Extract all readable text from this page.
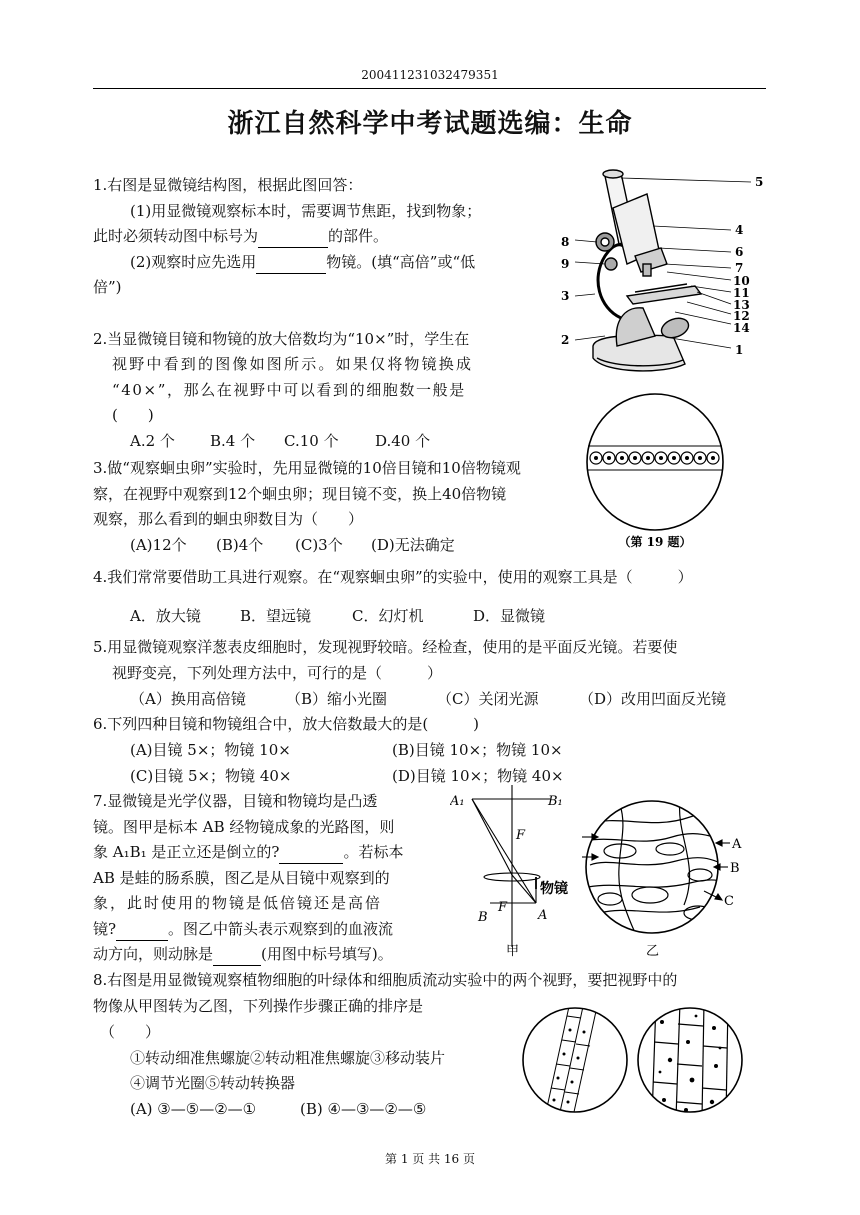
200411231032479351
浙江自然科学中考试题选编：生命
1.右图是显微镜结构图，根据此图回答：
(1)用显微镜观察标本时，需要调节焦距，找到物象；
此时必须转动图中标号为	的部件。
(2)观察时应先选用	物镜。(填“高倍”或“低
倍”)
2.当显微镜目镜和物镜的放大倍数均为“10×”时，学生在
视野中看到的图像如图所示。如果仅将物镜换成
“40×”，那么在视野中可以看到的细胞数一般是
(　　)
A.2 个 B.4 个 C.10 个 D.40 个
3.做“观察蛔虫卵”实验时，先用显微镜的10倍目镜和10倍物镜观
察，在视野中观察到12个蛔虫卵；现目镜不变，换上40倍物镜
观察，那么看到的蛔虫卵数目为（　　）
(A)12个 (B)4个 (C)3个 (D)无法确定
4.我们常常要借助工具进行观察。在“观察蛔虫卵”的实验中，使用的观察工具是（　　　）
A．放大镜	B．望远镜	C．幻灯机	D．显微镜
5.用显微镜观察洋葱表皮细胞时，发现视野较暗。经检查，使用的是平面反光镜。若要使
视野变亮，下列处理方法中，可行的是（　　　）
（A）换用高倍镜	（B）缩小光圈	（C）关闭光源	（D）改用凹面反光镜
6.下列四种目镜和物镜组合中，放大倍数最大的是(　　　)
(A)目镜 5×；物镜 10×	(B)目镜 10×；物镜 10×
(C)目镜 5×；物镜 40×	(D)目镜 10×；物镜 40×
7.显微镜是光学仪器，目镜和物镜均是凸透
镜。图甲是标本 AB 经物镜成象的光路图，则
象 A₁B₁ 是正立还是倒立的?	。若标本
AB 是蛙的肠系膜，图乙是从目镜中观察到的
象，此时使用的物镜是低倍镜还是高倍
镜?	。图乙中箭头表示观察到的血液流
动方向，则动脉是	(用图中标号填写)。
8.右图是用显微镜观察植物细胞的叶绿体和细胞质流动实验中的两个视野，要把视野中的
物像从甲图转为乙图，下列操作步骤正确的排序是
（　　）
①转动细准焦螺旋②转动粗准焦螺旋③移动装片
④调节光圈⑤转动转换器
(A) ③—⑤—②—①	(B) ④—③—②—⑤
第 1 页 共 16 页
5
4
6
7
10
11
13
12
14
1
8
9
3
2
（第 19 题）
A₁	B₁
F
物镜
B
F
A
甲
A
B
C
乙
